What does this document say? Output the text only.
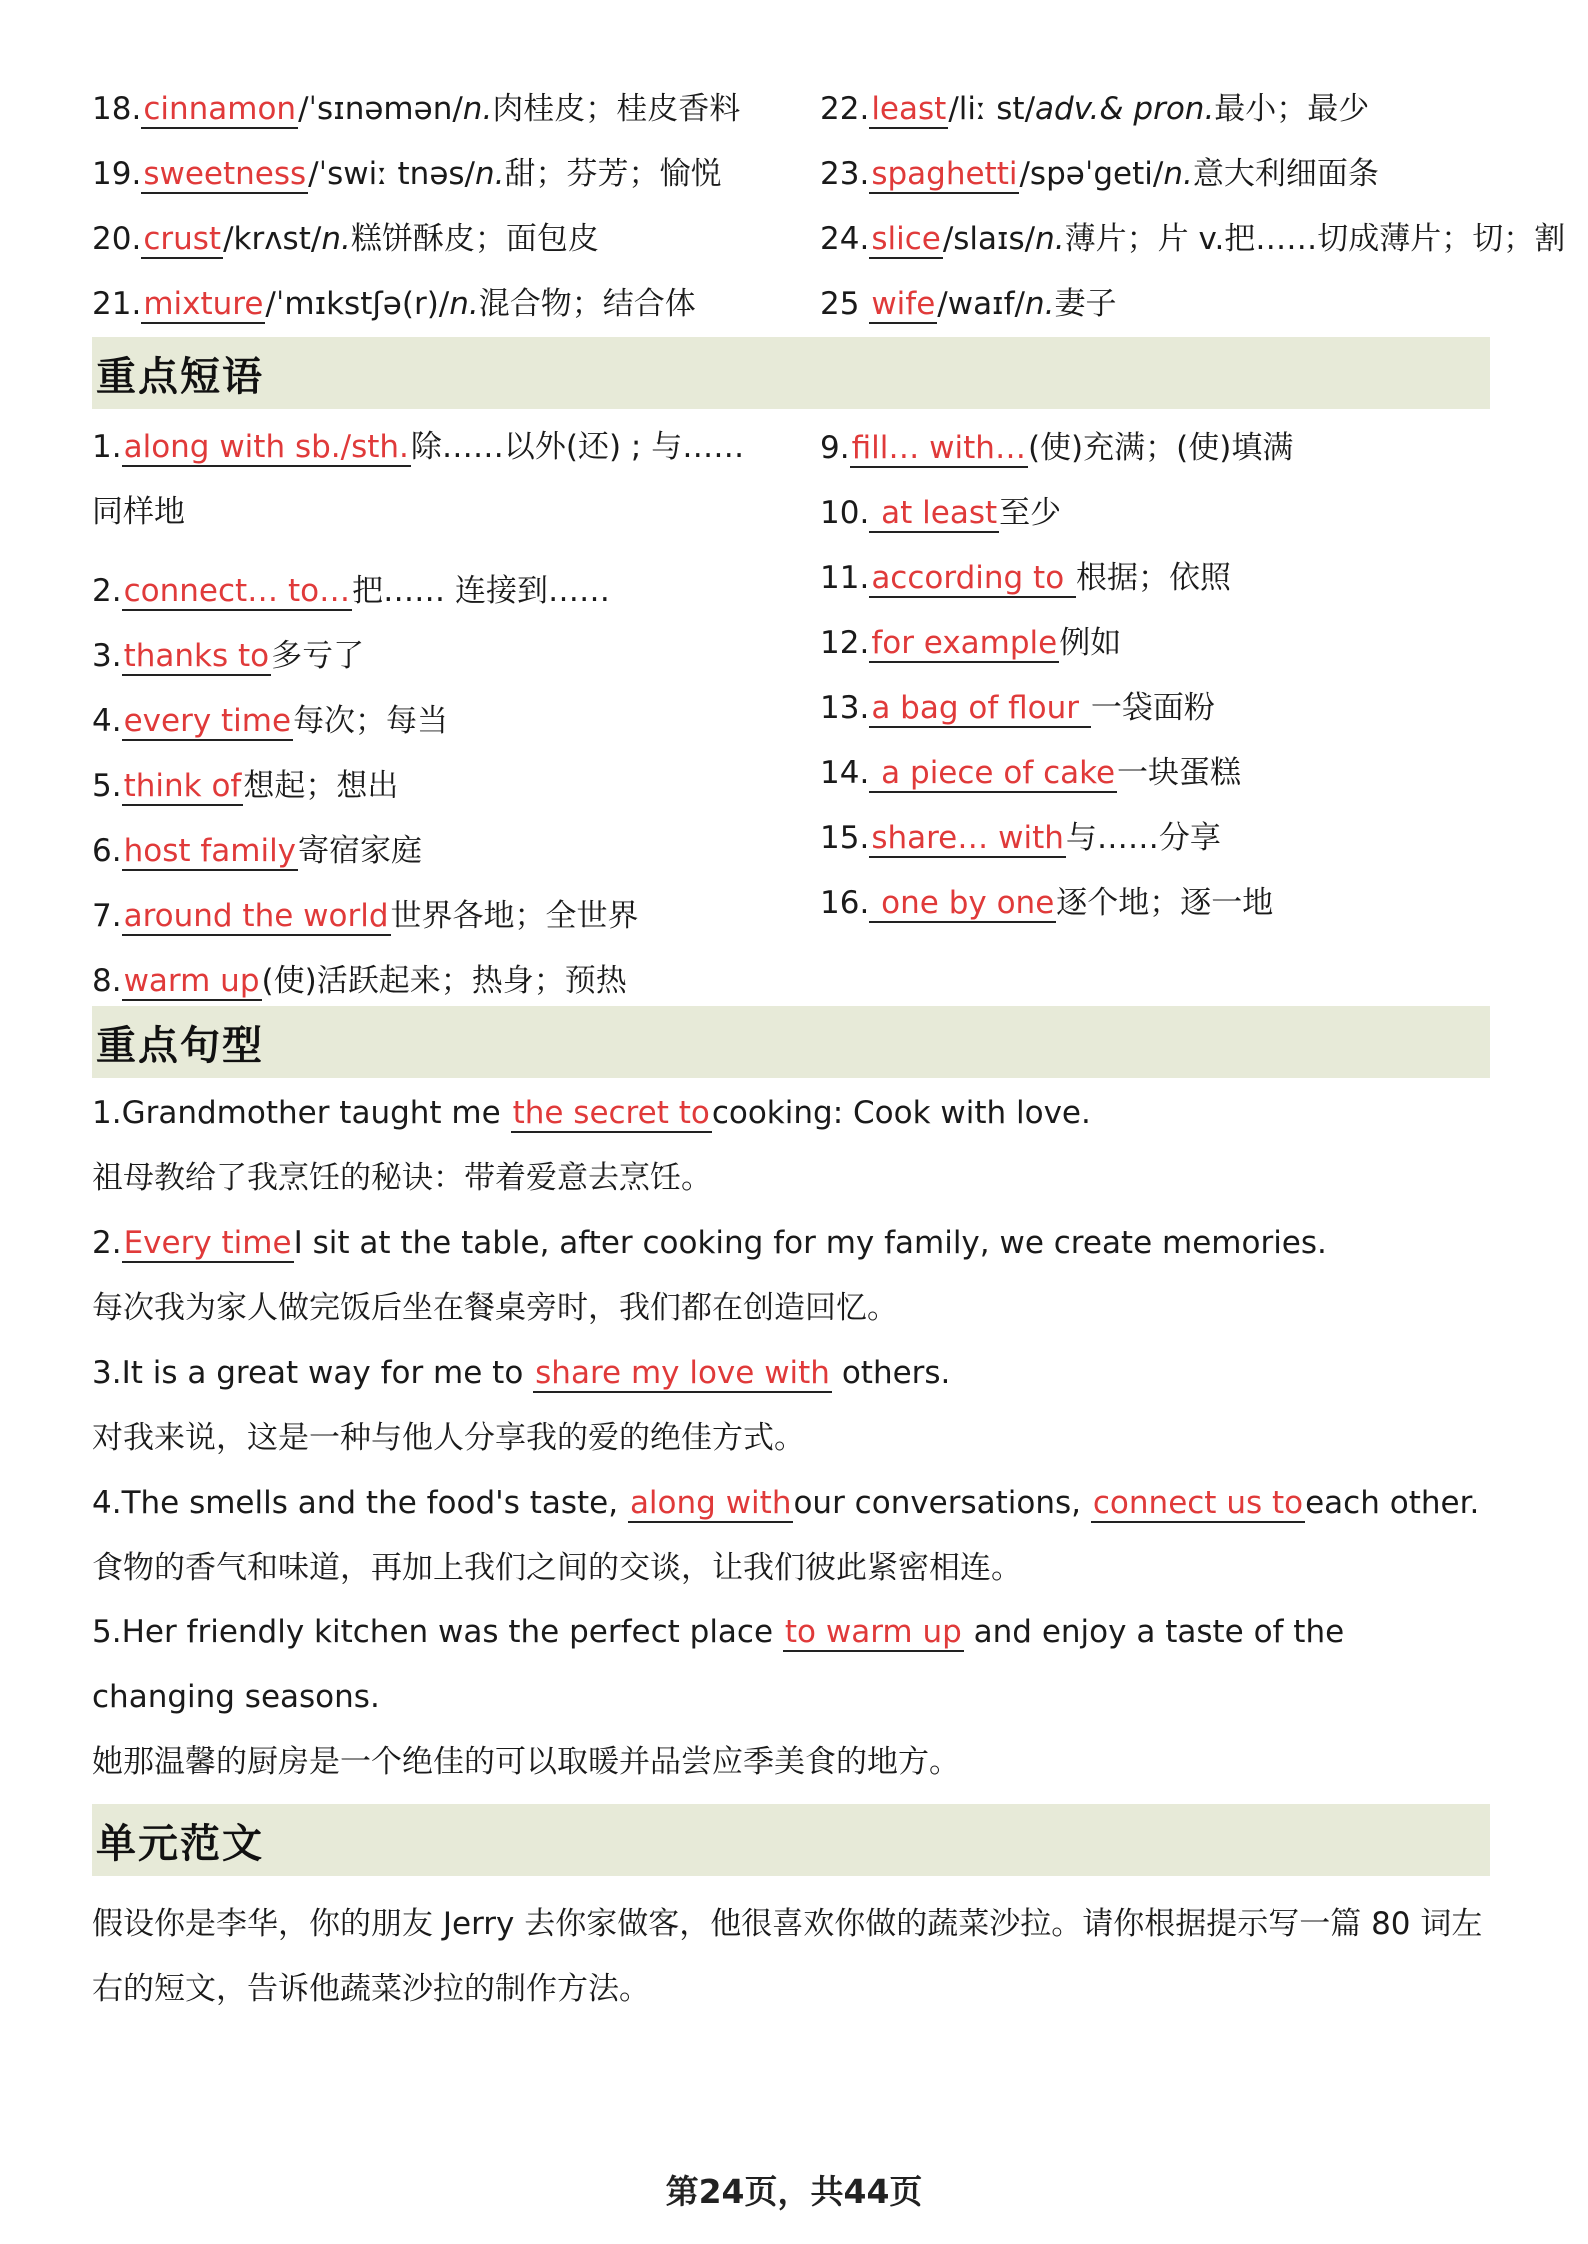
18.cinnamon/ˈsɪnəmən/n.肉桂皮；桂皮香料	22.least/liː st/adv.& pron.最小；最少
19.sweetness/ˈswiː tnəs/n.甜；芬芳；愉悦	23.spaghetti/spəˈgeti/n.意大利细面条
20.crust/krʌst/n.糕饼酥皮；面包皮	24.slice/slaɪs/n.薄片；片 v.把……切成薄片；切；割
21.mixture/ˈmɪkstʃə(r)/n.混合物；结合体	25 wife/waɪf/n.妻子
重点短语
1.along with sb./sth.除……以外(还) ; 与……同样地
2.connect… to…把…… 连接到……
3.thanks to多亏了
4.every time每次；每当
5.think of想起；想出
6.host family寄宿家庭
7.around the world世界各地；全世界
8.warm up(使)活跃起来；热身；预热
9.fill… with…(使)充满；(使)填满
10. at least至少
11.according to 根据；依照
12.for example例如
13.a bag of flour 一袋面粉
14. a piece of cake一块蛋糕
15.share… with与……分享
16. one by one逐个地；逐一地
重点句型
1.Grandmother taught me the secret tocooking: Cook with love.
祖母教给了我烹饪的秘诀：带着爱意去烹饪。
2.Every timeI sit at the table, after cooking for my family, we create memories.
每次我为家人做完饭后坐在餐桌旁时，我们都在创造回忆。
3.It is a great way for me to share my love with others.
对我来说，这是一种与他人分享我的爱的绝佳方式。
4.The smells and the food's taste, along withour conversations, connect us toeach other.
食物的香气和味道，再加上我们之间的交谈，让我们彼此紧密相连。
5.Her friendly kitchen was the perfect place to warm up and enjoy a taste of the changing seasons.
她那温馨的厨房是一个绝佳的可以取暖并品尝应季美食的地方。
单元范文
假设你是李华，你的朋友 Jerry 去你家做客，他很喜欢你做的蔬菜沙拉。请你根据提示写一篇 80 词左右的短文，告诉他蔬菜沙拉的制作方法。
第24页，共44页
